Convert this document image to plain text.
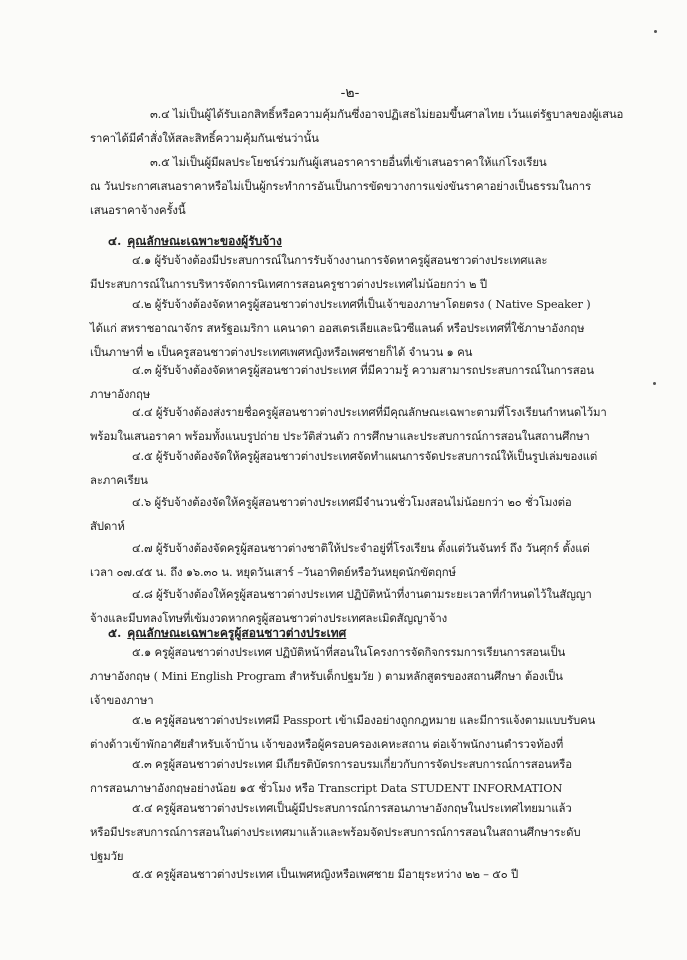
-๒-
๓.๔ ไม่เป็นผู้ได้รับเอกสิทธิ์หรือความคุ้มกันซึ่งอาจปฏิเสธไม่ยอมขึ้นศาลไทย เว้นแต่รัฐบาลของผู้เสนอ
ราคาได้มีคำสั่งให้สละสิทธิ์ความคุ้มกันเช่นว่านั้น
๓.๕ ไม่เป็นผู้มีผลประโยชน์ร่วมกันผู้เสนอราคารายอื่นที่เข้าเสนอราคาให้แก่โรงเรียน
ณ วันประกาศเสนอราคาหรือไม่เป็นผู้กระทำการอันเป็นการขัดขวางการแข่งขันราคาอย่างเป็นธรรมในการ
เสนอราคาจ้างครั้งนี้
๔. คุณลักษณะเฉพาะของผู้รับจ้าง
๔.๑ ผู้รับจ้างต้องมีประสบการณ์ในการรับจ้างงานการจัดหาครูผู้สอนชาวต่างประเทศและ
มีประสบการณ์ในการบริหารจัดการนิเทศการสอนครูชาวต่างประเทศไม่น้อยกว่า ๒ ปี
๔.๒ ผู้รับจ้างต้องจัดหาครูผู้สอนชาวต่างประเทศที่เป็นเจ้าของภาษาโดยตรง ( Native Speaker )
ได้แก่ สหราชอาณาจักร สหรัฐอเมริกา แคนาดา ออสเตรเลียและนิวซีแลนด์ หรือประเทศที่ใช้ภาษาอังกฤษ
เป็นภาษาที่ ๒ เป็นครูสอนชาวต่างประเทศเพศหญิงหรือเพศชายก็ได้ จำนวน ๑ คน
๔.๓ ผู้รับจ้างต้องจัดหาครูผู้สอนชาวต่างประเทศ ที่มีความรู้ ความสามารถประสบการณ์ในการสอน
ภาษาอังกฤษ
๔.๔ ผู้รับจ้างต้องส่งรายชื่อครูผู้สอนชาวต่างประเทศที่มีคุณลักษณะเฉพาะตามที่โรงเรียนกำหนดไว้มา
พร้อมในเสนอราคา พร้อมทั้งแนบรูปถ่าย ประวัติส่วนตัว การศึกษาและประสบการณ์การสอนในสถานศึกษา
๔.๕ ผู้รับจ้างต้องจัดให้ครูผู้สอนชาวต่างประเทศจัดทำแผนการจัดประสบการณ์ให้เป็นรูปเล่มของแต่
ละภาคเรียน
๔.๖ ผู้รับจ้างต้องจัดให้ครูผู้สอนชาวต่างประเทศมีจำนวนชั่วโมงสอนไม่น้อยกว่า ๒๐ ชั่วโมงต่อ
สัปดาห์
๔.๗ ผู้รับจ้างต้องจัดครูผู้สอนชาวต่างชาติให้ประจำอยู่ที่โรงเรียน ตั้งแต่วันจันทร์ ถึง วันศุกร์ ตั้งแต่
เวลา ๐๗.๔๕ น. ถึง ๑๖.๓๐ น. หยุดวันเสาร์ –วันอาทิตย์หรือวันหยุดนักขัตฤกษ์
๔.๘ ผู้รับจ้างต้องให้ครูผู้สอนชาวต่างประเทศ ปฏิบัติหน้าที่งานตามระยะเวลาที่กำหนดไว้ในสัญญา
จ้างและมีบทลงโทษที่เข้มงวดหากครูผู้สอนชาวต่างประเทศละเมิดสัญญาจ้าง
๕. คุณลักษณะเฉพาะครูผู้สอนชาวต่างประเทศ
๕.๑ ครูผู้สอนชาวต่างประเทศ ปฏิบัติหน้าที่สอนในโครงการจัดกิจกรรมการเรียนการสอนเป็น
ภาษาอังกฤษ ( Mini English Program สำหรับเด็กปฐมวัย ) ตามหลักสูตรของสถานศึกษา ต้องเป็น
เจ้าของภาษา
๕.๒ ครูผู้สอนชาวต่างประเทศมี Passport เข้าเมืองอย่างถูกกฎหมาย และมีการแจ้งตามแบบรับคน
ต่างด้าวเข้าพักอาศัยสำหรับเจ้าบ้าน เจ้าของหรือผู้ครอบครองเคหะสถาน ต่อเจ้าพนักงานตำรวจท้องที่
๕.๓ ครูผู้สอนชาวต่างประเทศ มีเกียรติบัตรการอบรมเกี่ยวกับการจัดประสบการณ์การสอนหรือ
การสอนภาษาอังกฤษอย่างน้อย ๑๕ ชั่วโมง หรือ Transcript Data STUDENT INFORMATION
๕.๔ ครูผู้สอนชาวต่างประเทศเป็นผู้มีประสบการณ์การสอนภาษาอังกฤษในประเทศไทยมาแล้ว
หรือมีประสบการณ์การสอนในต่างประเทศมาแล้วและพร้อมจัดประสบการณ์การสอนในสถานศึกษาระดับ
ปฐมวัย
๕.๕ ครูผู้สอนชาวต่างประเทศ เป็นเพศหญิงหรือเพศชาย มีอายุระหว่าง ๒๒ – ๕๐ ปี
